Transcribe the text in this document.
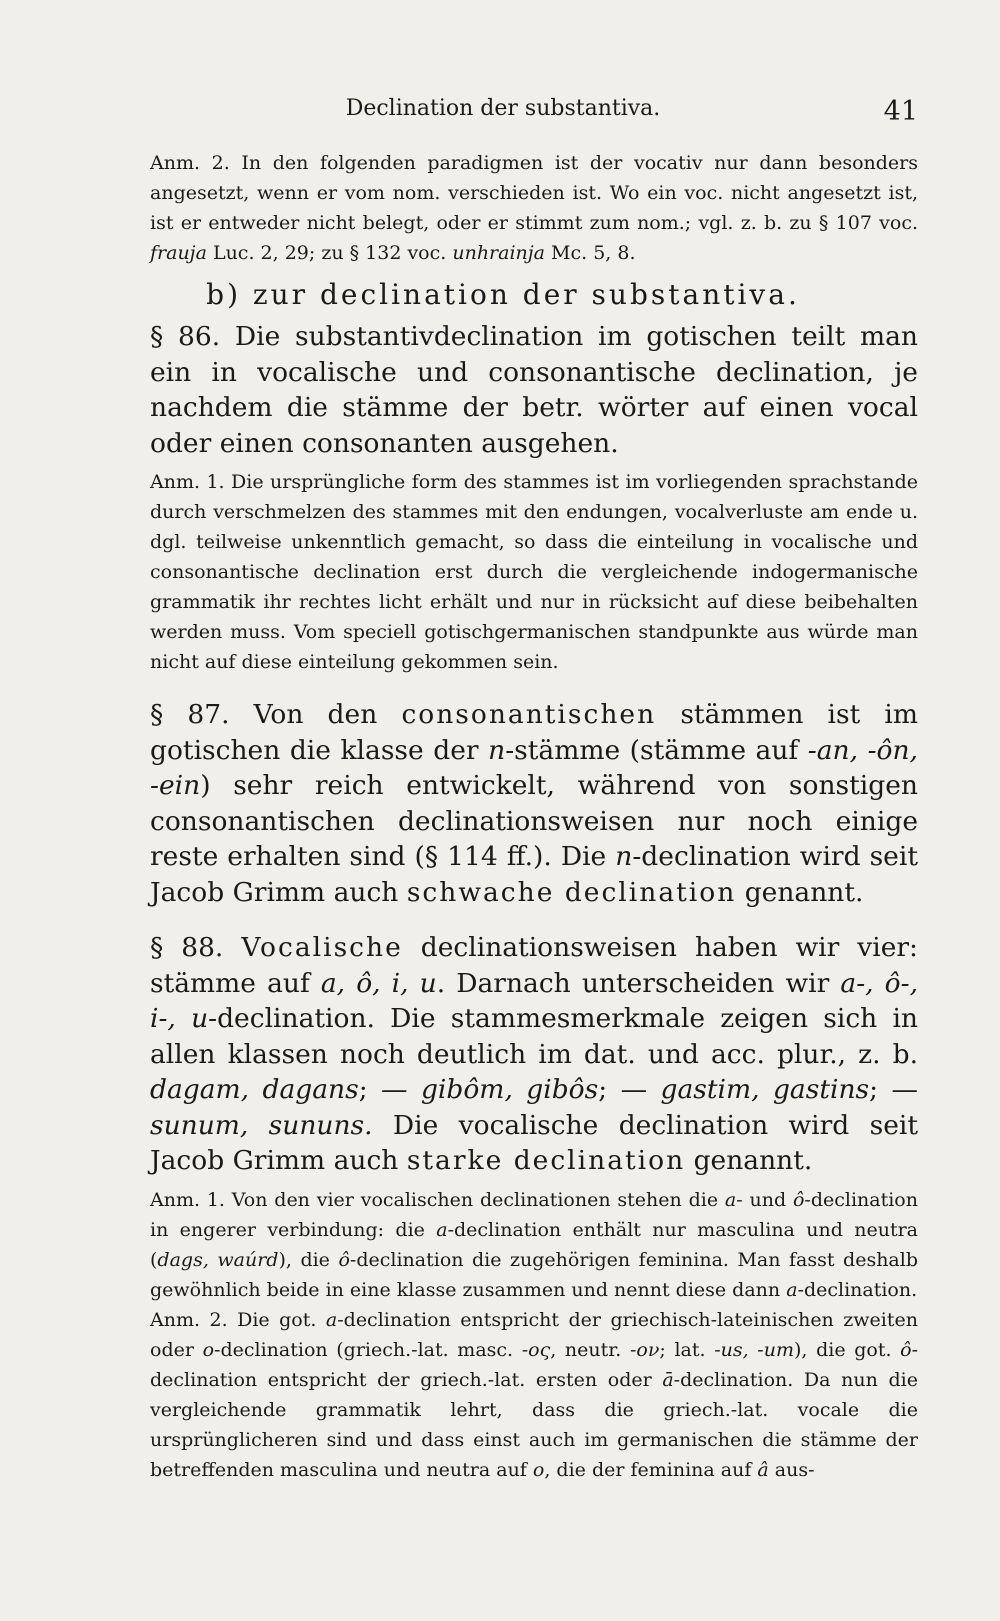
Declination der substantiva.	41

Anm. 2. In den folgenden paradigmen ist der vocativ nur dann besonders angesetzt, wenn er vom nom. verschieden ist. Wo ein voc. nicht angesetzt ist, ist er entweder nicht belegt, oder er stimmt zum nom.; vgl. z. b. zu § 107 voc. frauja Luc. 2, 29; zu § 132 voc. unhrainja Mc. 5, 8.

b) zur declination der substantiva.

§ 86. Die substantivdeclination im gotischen teilt man ein in vocalische und consonantische declination, je nachdem die stämme der betr. wörter auf einen vocal oder einen consonanten ausgehen.

Anm. 1. Die ursprüngliche form des stammes ist im vorliegenden sprachstande durch verschmelzen des stammes mit den endungen, vocalverluste am ende u. dgl. teilweise unkenntlich gemacht, so dass die einteilung in vocalische und consonantische declination erst durch die vergleichende indogermanische grammatik ihr rechtes licht erhält und nur in rücksicht auf diese beibehalten werden muss. Vom speciell gotischgermanischen standpunkte aus würde man nicht auf diese einteilung gekommen sein.

§ 87. Von den consonantischen stämmen ist im gotischen die klasse der n-stämme (stämme auf -an, -ôn, -ein) sehr reich entwickelt, während von sonstigen consonantischen declinationsweisen nur noch einige reste erhalten sind (§ 114 ff.). Die n-declination wird seit Jacob Grimm auch schwache declination genannt.

§ 88. Vocalische declinationsweisen haben wir vier: stämme auf a, ô, i, u. Darnach unterscheiden wir a-, ô-, i-, u-declination. Die stammesmerkmale zeigen sich in allen klassen noch deutlich im dat. und acc. plur., z. b. dagam, dagans; — gibôm, gibôs; — gastim, gastins; — sunum, sununs. Die vocalische declination wird seit Jacob Grimm auch starke declination genannt.

Anm. 1. Von den vier vocalischen declinationen stehen die a- und ô-declination in engerer verbindung: die a-declination enthält nur masculina und neutra (dags, waúrd), die ô-declination die zugehörigen feminina. Man fasst deshalb gewöhnlich beide in eine klasse zusammen und nennt diese dann a-declination.

Anm. 2. Die got. a-declination entspricht der griechisch-lateinischen zweiten oder o-declination (griech.-lat. masc. -ος, neutr. -ον; lat. -us, -um), die got. ô-declination entspricht der griech.-lat. ersten oder ā-declination. Da nun die vergleichende grammatik lehrt, dass die griech.-lat. vocale die ursprünglicheren sind und dass einst auch im germanischen die stämme der betreffenden masculina und neutra auf o, die der feminina auf â aus-
